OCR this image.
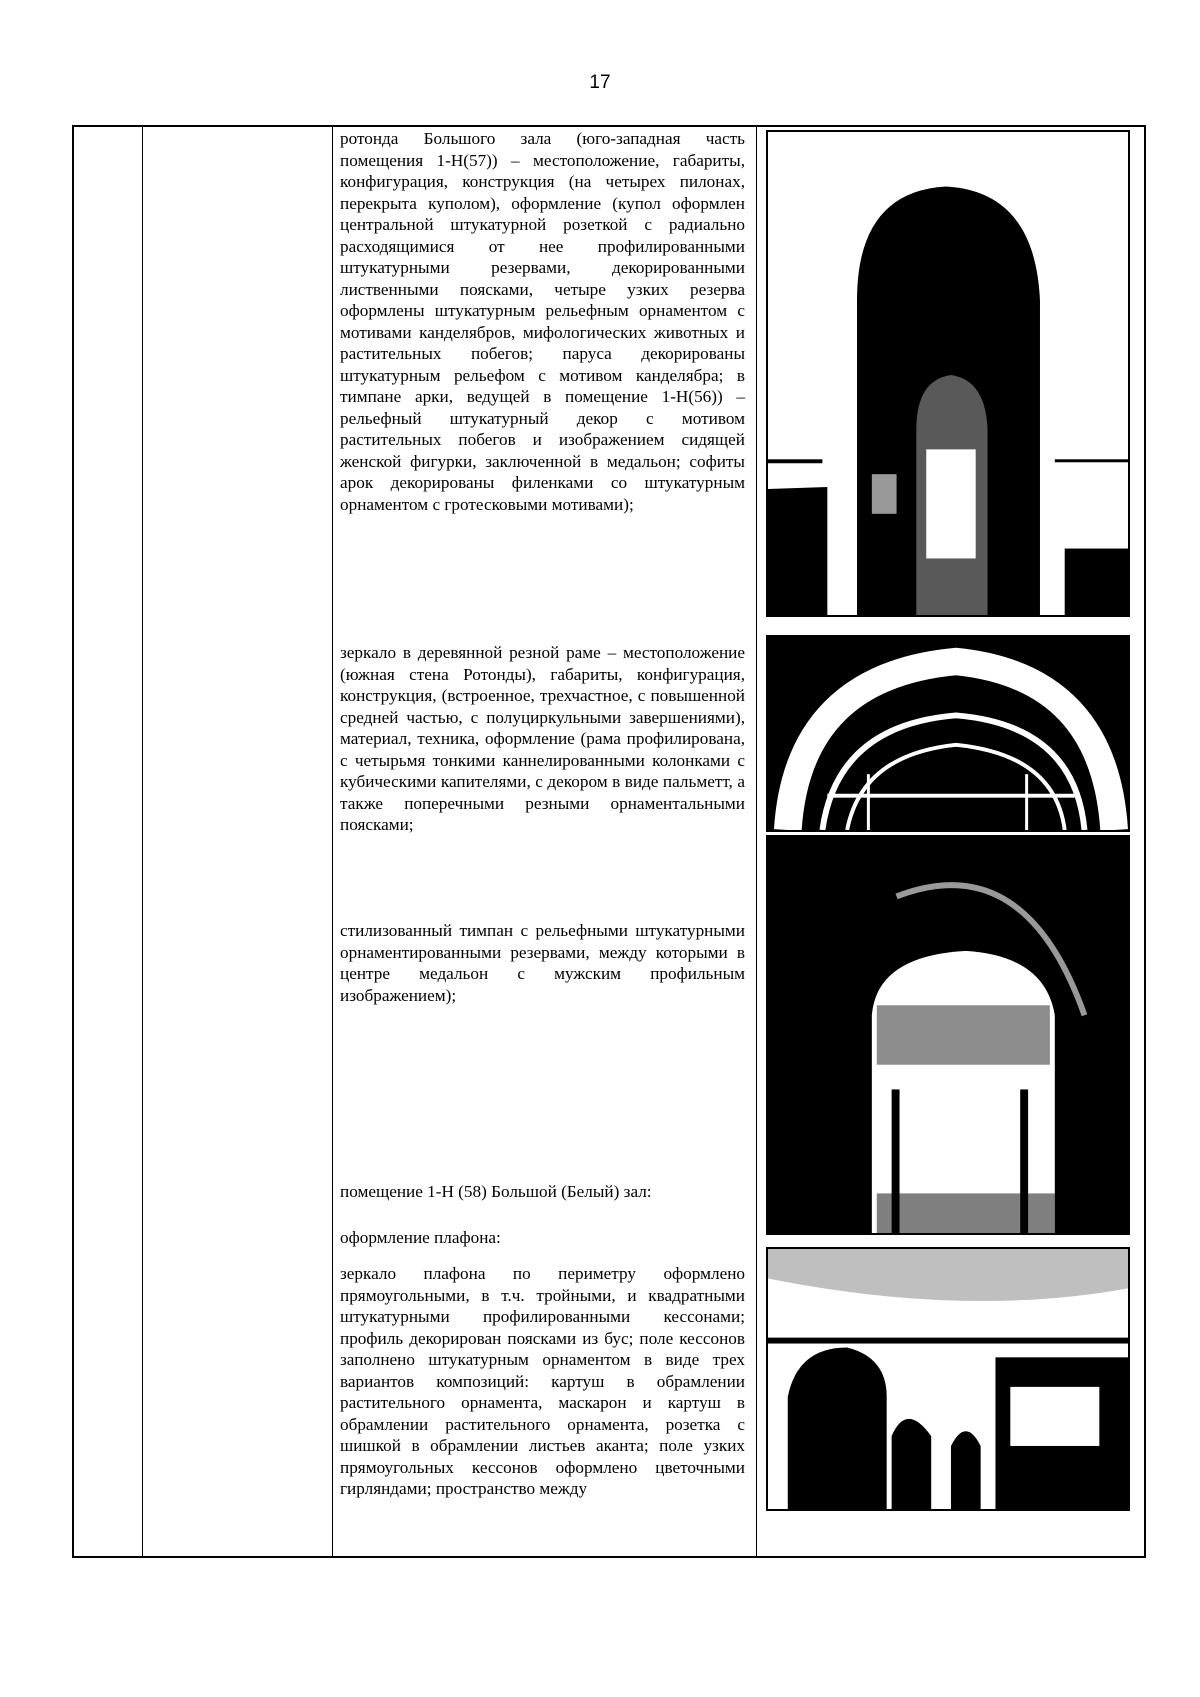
17

ротонда Большого зала (юго-западная часть помещения 1-Н(57)) – местоположение, габариты, конфигурация, конструкция (на четырех пилонах, перекрыта куполом), оформление (купол оформлен центральной штукатурной розеткой с радиально расходящимися от нее профилированными штукатурными резервами, декорированными лиственными поясками, четыре узких резерва оформлены штукатурным рельефным орнаментом с мотивами канделябров, мифологических животных и растительных побегов; паруса декорированы штукатурным рельефом с мотивом канделябра; в тимпане арки, ведущей в помещение 1-Н(56)) – рельефный штукатурный декор с мотивом растительных побегов и изображением сидящей женской фигурки, заключенной в медальон; софиты арок декорированы филенками со штукатурным орнаментом с гротесковыми мотивами);

зеркало в деревянной резной раме – местоположение (южная стена Ротонды), габариты, конфигурация, конструкция, (встроенное, трехчастное, с повышенной средней частью, с полуциркульными завершениями), материал, техника, оформление (рама профилирована, с четырьмя тонкими каннелированными колонками с кубическими капителями, с декором в виде пальметт, а также поперечными резными орнаментальными поясками;

стилизованный тимпан с рельефными штукатурными орнаментированными резервами, между которыми в центре медальон с мужским профильным изображением);

помещение 1-Н (58) Большой (Белый) зал:

оформление плафона:

зеркало плафона по периметру оформлено прямоугольными, в т.ч. тройными, и квадратными штукатурными профилированными кессонами; профиль декорирован поясками из бус; поле кессонов заполнено штукатурным орнаментом в виде трех вариантов композиций: картуш в обрамлении растительного орнамента, маскарон и картуш в обрамлении растительного орнамента, розетка с шишкой в обрамлении листьев аканта; поле узких прямоугольных кессонов оформлено цветочными гирляндами; пространство между
